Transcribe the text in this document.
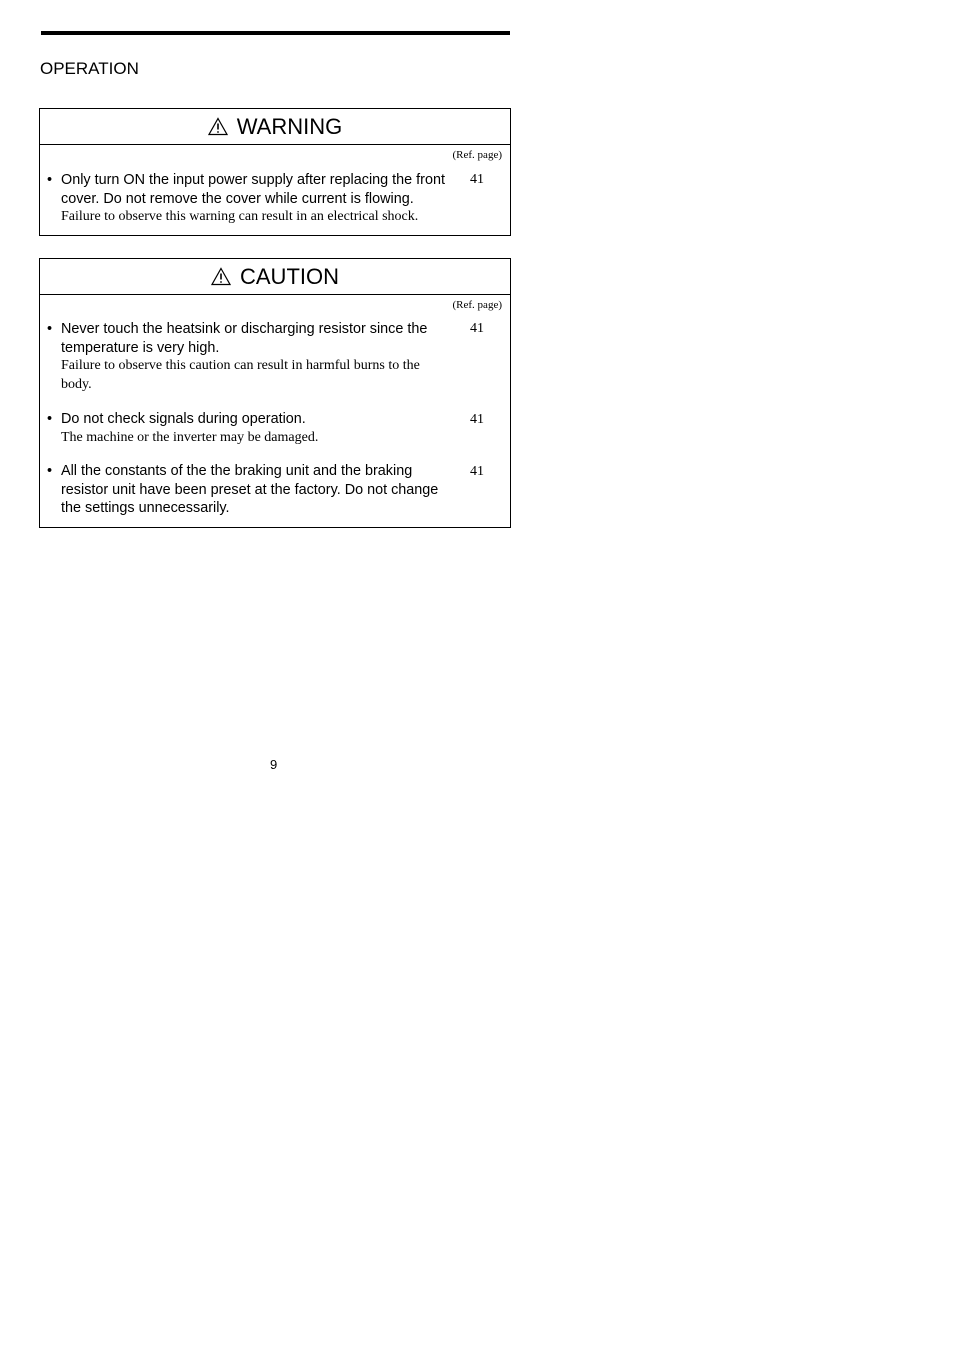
OPERATION
WARNING
(Ref. page)
• Only turn ON the input power supply after replacing the front cover. Do not remove the cover while current is flowing.
Failure to observe this warning can result in an electrical shock.
41
CAUTION
(Ref. page)
• Never touch the heatsink or discharging resistor since the temperature is very high.
Failure to observe this caution can result in harmful burns to the body.
41
• Do not check signals during operation.
The machine or the inverter may be damaged.
41
• All the constants of the the braking unit and the braking resistor unit have been preset at the factory. Do not change the settings unnecessarily.
41
9
